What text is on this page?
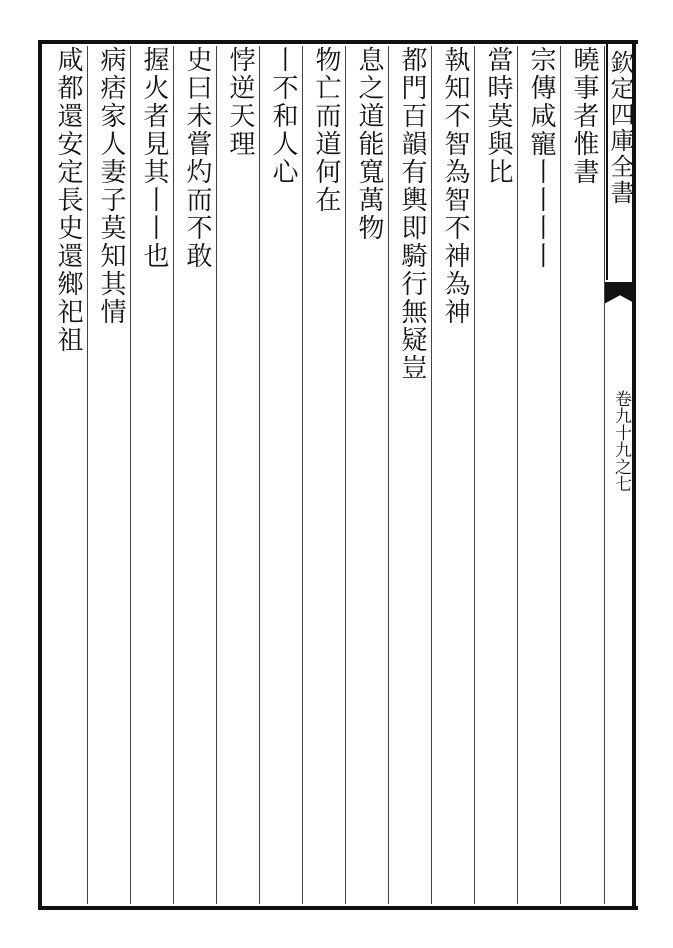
欽定四庫全書
卷九十九之七
曉事者惟書
宗傳咸寵丨丨丨丨
當時莫與比
執知不智為智不神為神
都門百韻有輿即騎行無疑豈
息之道能寬萬物
物亡而道何在
丨不和人心
悖逆天理
史曰未嘗灼而不敢
握火者見其丨丨也
病痞家人妻子莫知其情
咸都還安定長史還鄉祀祖
